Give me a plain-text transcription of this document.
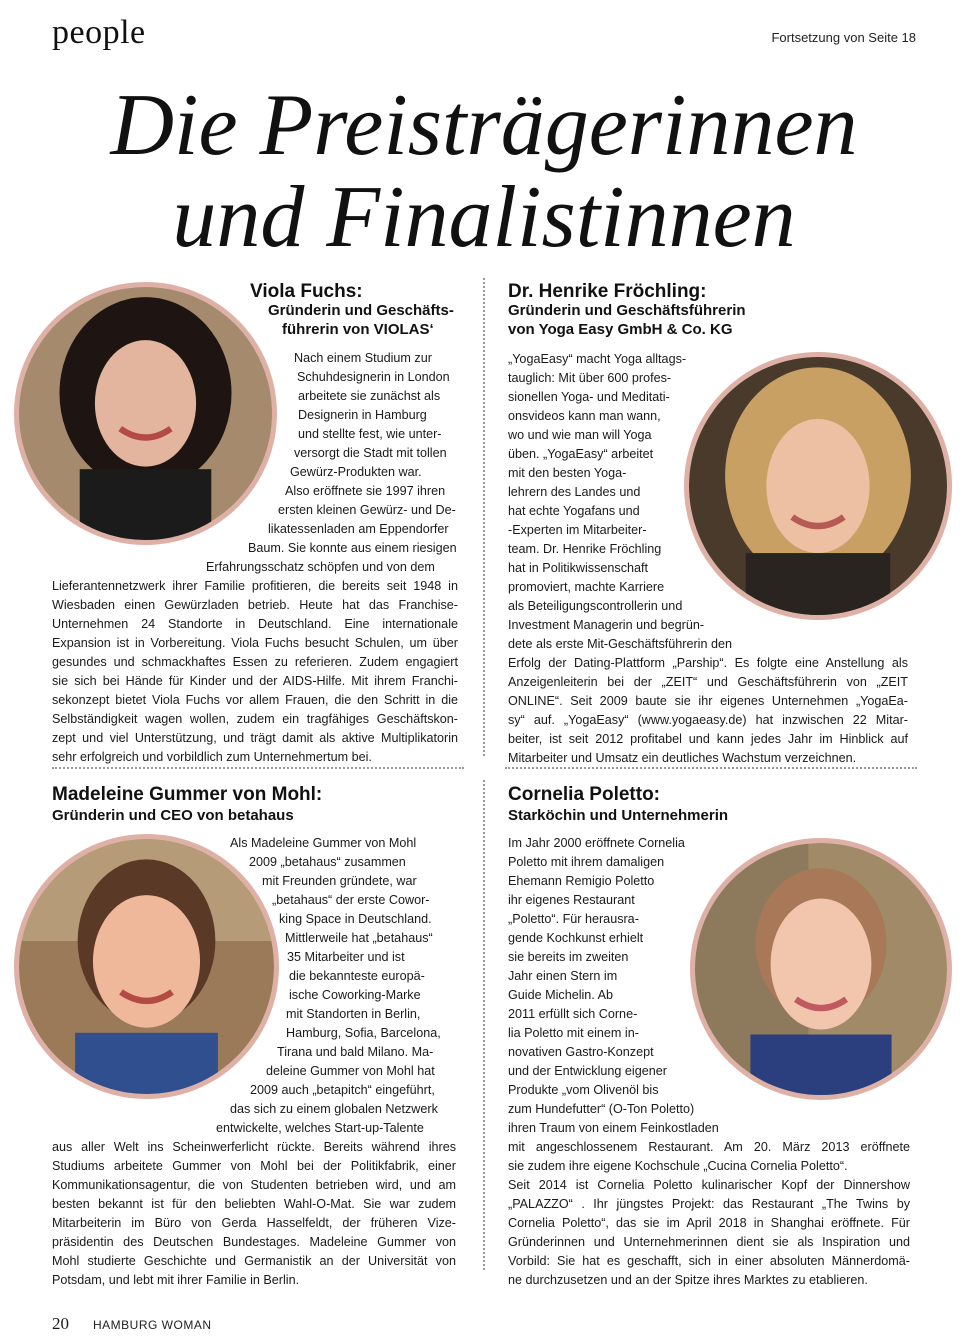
people	Fortsetzung von Seite 18
Die Preisträgerinnen
und Finalistinnen
Viola Fuchs:
Gründerin und Geschäfts-
führerin von VIOLAS‘
Nach einem Studium zur
Schuhdesignerin in London
arbeitete sie zunächst als
Designerin in Hamburg
und stellte fest, wie unter-
versorgt die Stadt mit tollen
Gewürz-Produkten war.
Also eröffnete sie 1997 ihren
ersten kleinen Gewürz- und De-
likatessenladen am Eppendorfer
Baum. Sie konnte aus einem riesigen
Erfahrungsschatz schöpfen und von dem
Lieferantennetzwerk ihrer Familie profitieren, die bereits seit 1948 in
Wiesbaden einen Gewürzladen betrieb. Heute hat das Franchise-
Unternehmen 24 Standorte in Deutschland. Eine internationale
Expansion ist in Vorbereitung. Viola Fuchs besucht Schulen, um über
gesundes und schmackhaftes Essen zu referieren. Zudem engagiert
sie sich bei Hände für Kinder und der AIDS-Hilfe. Mit ihrem Franchi-
sekonzept bietet Viola Fuchs vor allem Frauen, die den Schritt in die
Selbständigkeit wagen wollen, zudem ein tragfähiges Geschäftskon-
zept und viel Unterstützung, und trägt damit als aktive Multiplikatorin
sehr erfolgreich und vorbildlich zum Unternehmertum bei.
Dr. Henrike Fröchling:
Gründerin und Geschäftsführerin
von Yoga Easy GmbH & Co. KG
„YogaEasy“ macht Yoga alltags-
tauglich: Mit über 600 profes-
sionellen Yoga- und Meditati-
onsvideos kann man wann,
wo und wie man will Yoga
üben. „YogaEasy“ arbeitet
mit den besten Yoga-
lehrern des Landes und
hat echte Yogafans und
-Experten im Mitarbeiter-
team. Dr. Henrike Fröchling
hat in Politikwissenschaft
promoviert, machte Karriere
als Beteiligungscontrollerin und
Investment Managerin und begrün-
dete als erste Mit-Geschäftsführerin den
Erfolg der Dating-Plattform „Parship“. Es folgte eine Anstellung als
Anzeigenleiterin bei der „ZEIT“ und Geschäftsführerin von „ZEIT
ONLINE“. Seit 2009 baute sie ihr eigenes Unternehmen „YogaEa-
sy“ auf. „YogaEasy“ (www.yogaeasy.de) hat inzwischen 22 Mitar-
beiter, ist seit 2012 profitabel und kann jedes Jahr im Hinblick auf
Mitarbeiter und Umsatz ein deutliches Wachstum verzeichnen.
Madeleine Gummer von Mohl:
Gründerin und CEO von betahaus
Als Madeleine Gummer von Mohl
2009 „betahaus“ zusammen
mit Freunden gründete, war
„betahaus“ der erste Cowor-
king Space in Deutschland.
Mittlerweile hat „betahaus“
35 Mitarbeiter und ist
die bekannteste europä-
ische Coworking-Marke
mit Standorten in Berlin,
Hamburg, Sofia, Barcelona,
Tirana und bald Milano. Ma-
deleine Gummer von Mohl hat
2009 auch „betapitch“ eingeführt,
das sich zu einem globalen Netzwerk
entwickelte, welches Start-up-Talente
aus aller Welt ins Scheinwerferlicht rückte. Bereits während ihres
Studiums arbeitete Gummer von Mohl bei der Politikfabrik, einer
Kommunikationsagentur, die von Studenten betrieben wird, und am
besten bekannt ist für den beliebten Wahl-O-Mat. Sie war zudem
Mitarbeiterin im Büro von Gerda Hasselfeldt, der früheren Vize-
präsidentin des Deutschen Bundestages. Madeleine Gummer von
Mohl studierte Geschichte und Germanistik an der Universität von
Potsdam, und lebt mit ihrer Familie in Berlin.
Cornelia Poletto:
Starköchin und Unternehmerin
Im Jahr 2000 eröffnete Cornelia
Poletto mit ihrem damaligen
Ehemann Remigio Poletto
ihr eigenes Restaurant
„Poletto“. Für herausra-
gende Kochkunst erhielt
sie bereits im zweiten
Jahr einen Stern im
Guide Michelin. Ab
2011 erfüllt sich Corne-
lia Poletto mit einem in-
novativen Gastro-Konzept
und der Entwicklung eigener
Produkte „vom Olivenöl bis
zum Hundefutter“ (O-Ton Poletto)
ihren Traum von einem Feinkostladen
mit angeschlossenem Restaurant. Am 20. März 2013 eröffnete
sie zudem ihre eigene Kochschule „Cucina Cornelia Poletto“.
Seit 2014 ist Cornelia Poletto kulinarischer Kopf der Dinnershow
„PALAZZO“ . Ihr jüngstes Projekt: das Restaurant „The Twins by
Cornelia Poletto“, das sie im April 2018 in Shanghai eröffnete. Für
Gründerinnen und Unternehmerinnen dient sie als Inspiration und
Vorbild: Sie hat es geschafft, sich in einer absoluten Männerdomä-
ne durchzusetzen und an der Spitze ihres Marktes zu etablieren.
20 HAMBURG WOMAN
